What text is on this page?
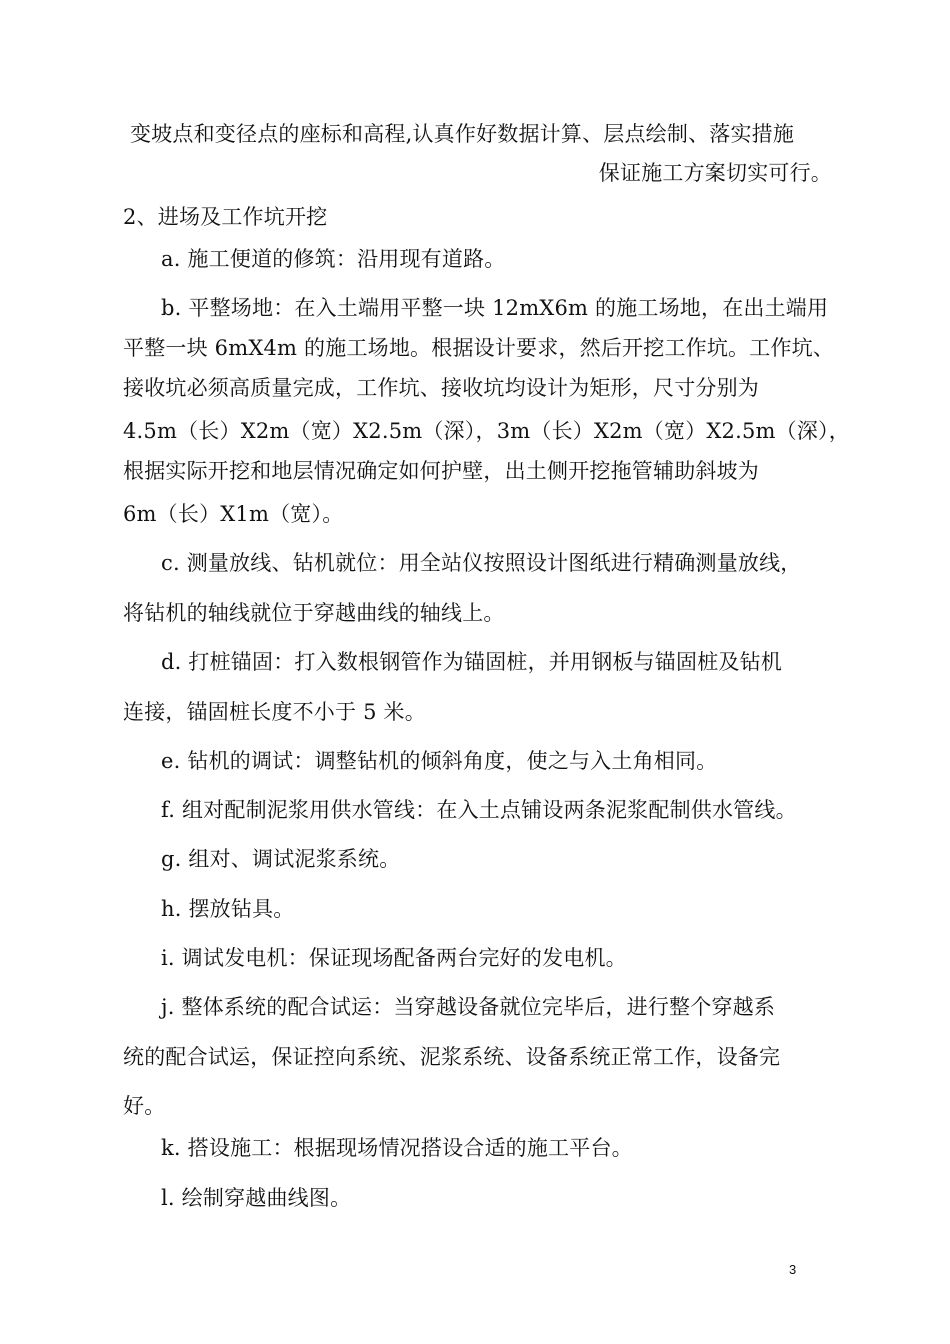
变坡点和变径点的座标和高程,认真作好数据计算、层点绘制、落实措施
保证施工方案切实可行。
2、进场及工作坑开挖
a. 施工便道的修筑：沿用现有道路。
b. 平整场地：在入土端用平整一块 12mX6m 的施工场地，在出土端用
平整一块 6mX4m 的施工场地。根据设计要求，然后开挖工作坑。工作坑、
接收坑必须高质量完成，工作坑、接收坑均设计为矩形，尺寸分别为
4.5m（长）X2m（宽）X2.5m（深），3m（长）X2m（宽）X2.5m（深），
根据实际开挖和地层情况确定如何护壁，出土侧开挖拖管辅助斜坡为
6m（长）X1m（宽）。
c. 测量放线、钻机就位：用全站仪按照设计图纸进行精确测量放线，
将钻机的轴线就位于穿越曲线的轴线上。
d. 打桩锚固：打入数根钢管作为锚固桩，并用钢板与锚固桩及钻机
连接，锚固桩长度不小于 5 米。
e. 钻机的调试：调整钻机的倾斜角度，使之与入土角相同。
f. 组对配制泥浆用供水管线：在入土点铺设两条泥浆配制供水管线。
g. 组对、调试泥浆系统。
h. 摆放钻具。
i. 调试发电机：保证现场配备两台完好的发电机。
j. 整体系统的配合试运：当穿越设备就位完毕后，进行整个穿越系
统的配合试运，保证控向系统、泥浆系统、设备系统正常工作，设备完
好。
k. 搭设施工：根据现场情况搭设合适的施工平台。
l. 绘制穿越曲线图。
3
